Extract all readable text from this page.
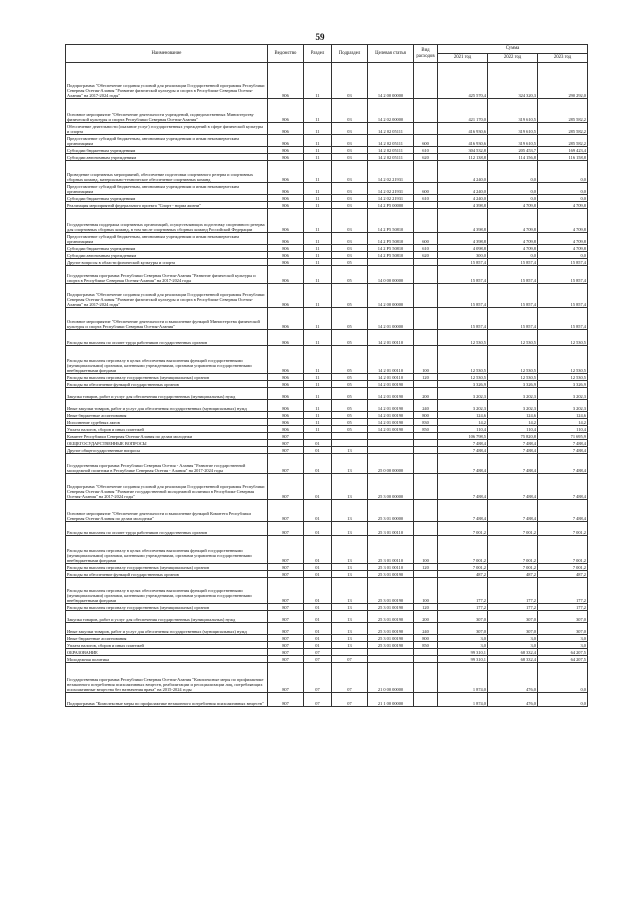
59
Наименование	Ведомство	Раздел	Подраздел	Целевая статья	Вид расходов	Сумма		
						2021 год	2022 год	2023 год
Подпрограмма "Обеспечение создания условий для реализации Государственной программы Республики Северная Осетия-Алания "Развитие физической культуры и спорта в Республике Северная Осетия-Алания" на 2017-2024 годы"	806	11	03	14 2 00 00000		425 570,4	324 320,3	290 292,0
Основное мероприятие "Обеспечение деятельности учреждений, подведомственных Министерству физической культуры и спорта Республики Северная Осетия-Алания"	806	11	03	14 2 02 00000		421 170,0	319 610,5	285 582,2
Обеспечение деятельности (оказание услуг) государственных учреждений в сфере физической культуры и спорта	806	11	03	14 2 02 05111		416 930,6	319 610,5	285 582,2
Предоставление субсидий бюджетным, автономным учреждениям и иным некоммерческим организациям	806	11	03	14 2 02 05111	600	416 930,6	319 610,5	285 582,2
Субсидии бюджетным учреждениям	806	11	03	14 2 02 05111	610	304 532,8	205 453,7	169 423,4
Субсидии автономным учреждениям	806	11	03	14 2 02 05111	620	112 138,8	114 156,8	116 158,8
Проведение спортивных мероприятий, обеспечение подготовки спортивного резерва и спортивных сборных команд, материально-техническое обеспечение спортивных команд	806	11	03	14 2 02 21931		4 240,0	0,0	0,0
Предоставление субсидий бюджетным, автономным учреждениям и иным некоммерческим организациям	806	11	03	14 2 02 21931	600	4 240,0	0,0	0,0
Субсидии бюджетным учреждениям	806	11	03	14 2 02 21931	610	4 240,0	0,0	0,0
Реализация мероприятий федерального проекта "Спорт - норма жизни"	806	11	03	14 2 P5 00000		4 398,8	4 709,8	4 709,8
Государственная поддержка спортивных организаций, осуществляющих подготовку спортивного резерва для спортивных сборных команд, в том числе спортивных сборных команд Российской Федерации	806	11	03	14 2 P5 50810		4 398,8	4 709,8	4 709,8
Предоставление субсидий бюджетным, автономным учреждениям и иным некоммерческим организациям	806	11	03	14 2 P5 50810	600	4 398,8	4 709,8	4 709,8
Субсидии бюджетным учреждениям	806	11	03	14 2 P5 50810	610	4 098,8	4 709,8	4 709,8
Субсидии автономным учреждениям	806	11	03	14 2 P5 50810	620	300,0	0,0	0,0
Другие вопросы в области физической культуры и спорта	806	11	05			15 857,4	15 857,4	15 857,4
Государственная программа Республики Северная Осетия-Алания "Развитие физической культуры и спорта в Республике Северная Осетия-Алания" на 2017-2024 годы	806	11	05	14 0 00 00000		15 857,4	15 857,4	15 857,4
Подпрограмма "Обеспечение создания условий для реализации Государственной программы Республики Северная Осетия-Алания "Развитие физической культуры и спорта в Республике Северная Осетия-Алания" на 2017-2024 годы"	806	11	05	14 2 00 00000		15 857,4	15 857,4	15 857,4
Основное мероприятие "Обеспечение деятельности и выполнение функций Министерства физической культуры и спорта Республики Северная Осетия-Алания"	806	11	05	14 2 01 00000		15 857,4	15 857,4	15 857,4
Расходы на выплаты по оплате труда работников государственных органов	806	11	05	14 2 01 00110		12 530,5	12 530,5	12 530,5
Расходы на выплаты персоналу в целях обеспечения выполнения функций государственными (муниципальными) органами, казенными учреждениями, органами управления государственными внебюджетными фондами	806	11	05	14 2 01 00110	100	12 530,5	12 530,5	12 530,5
Расходы на выплаты персоналу государственных (муниципальных) органов	806	11	05	14 2 01 00110	120	12 530,5	12 530,5	12 530,5
Расходы на обеспечение функций государственных органов	806	11	05	14 2 01 00190		3 326,9	3 326,9	3 326,9
Закупка товаров, работ и услуг для обеспечения государственных (муниципальных) нужд	806	11	05	14 2 01 00190	200	3 202,3	3 202,3	3 202,3
Иные закупки товаров, работ и услуг для обеспечения государственных (муниципальных) нужд	806	11	05	14 2 01 00190	240	3 202,3	3 202,3	3 202,3
Иные бюджетные ассигнования	806	11	05	14 2 01 00190	800	124,6	124,6	124,6
Исполнение судебных актов	806	11	05	14 2 01 00190	830	14,2	14,2	14,2
Уплата налогов, сборов и иных платежей	806	11	05	14 2 01 00190	850	110,4	110,4	110,4
Комитет Республики Северная Осетия-Алания по делам молодежи	807					106 798,5	75 820,8	71 695,9
ОБЩЕГОСУДАРСТВЕННЫЕ ВОПРОСЫ	807	01				7 488,4	7 488,4	7 488,4
Другие общегосударственные вопросы	807	01	13			7 488,4	7 488,4	7 488,4
Государственная программа Республики Северная Осетия - Алания "Развитие государственной молодежной политики в Республике Северная Осетия - Алания" на 2017-2024 годы	807	01	13	25 0 00 00000		7 488,4	7 488,4	7 488,4
Подпрограмма "Обеспечение создания условий для реализации Государственной программы Республики Северная Осетия-Алания "Развитие государственной молодежной политики в Республике Северная Осетия-Алания" на 2017-2024 годы"	807	01	13	25 3 00 00000		7 488,4	7 488,4	7 488,4
Основное мероприятие "Обеспечение деятельности и выполнение функций Комитета Республики Северная Осетия-Алания по делам молодежи"	807	01	13	25 3 01 00000		7 488,4	7 488,4	7 488,4
Расходы на выплаты по оплате труда работников государственных органов	807	01	13	25 3 01 00110		7 001,2	7 001,2	7 001,2
Расходы на выплаты персоналу в целях обеспечения выполнения функций государственными (муниципальными) органами, казенными учреждениями, органами управления государственными внебюджетными фондами	807	01	13	25 3 01 00110	100	7 001,2	7 001,2	7 001,2
Расходы на выплаты персоналу государственных (муниципальных) органов	807	01	13	25 3 01 00110	120	7 001,2	7 001,2	7 001,2
Расходы на обеспечение функций государственных органов	807	01	13	25 3 01 00190		487,2	487,2	487,2
Расходы на выплаты персоналу в целях обеспечения выполнения функций государственными (муниципальными) органами, казенными учреждениями, органами управления государственными внебюджетными фондами	807	01	13	25 3 01 00190	100	177,2	177,2	177,2
Расходы на выплаты персоналу государственных (муниципальных) органов	807	01	13	25 3 01 00190	120	177,2	177,2	177,2
Закупка товаров, работ и услуг для обеспечения государственных (муниципальных) нужд	807	01	13	25 3 01 00190	200	307,0	307,0	307,0
Иные закупки товаров, работ и услуг для обеспечения государственных (муниципальных) нужд	807	01	13	25 3 01 00190	240	307,0	307,0	307,0
Иные бюджетные ассигнования	807	01	13	25 3 01 00190	800	3,0	3,0	3,0
Уплата налогов, сборов и иных платежей	807	01	13	25 3 01 00190	850	3,0	3,0	3,0
ОБРАЗОВАНИЕ	807	07				99 310,1	68 332,4	64 207,5
Молодежная политика	807	07	07			99 310,1	68 332,4	64 207,5
Государственная программа Республики Северная Осетия-Алания "Комплексные меры по профилактике незаконного потребления психоактивных веществ, реабилитации и ресоциализации лиц, потребляющих психоактивные вещества без назначения врача" на 2015-2024 годы	807	07	07	21 0 00 00000		1 874,0	476,0	0,0
Подпрограмма "Комплексные меры по профилактике незаконного потребления психоактивных веществ"	807	07	07	21 1 00 00000		1 874,0	476,0	0,0
